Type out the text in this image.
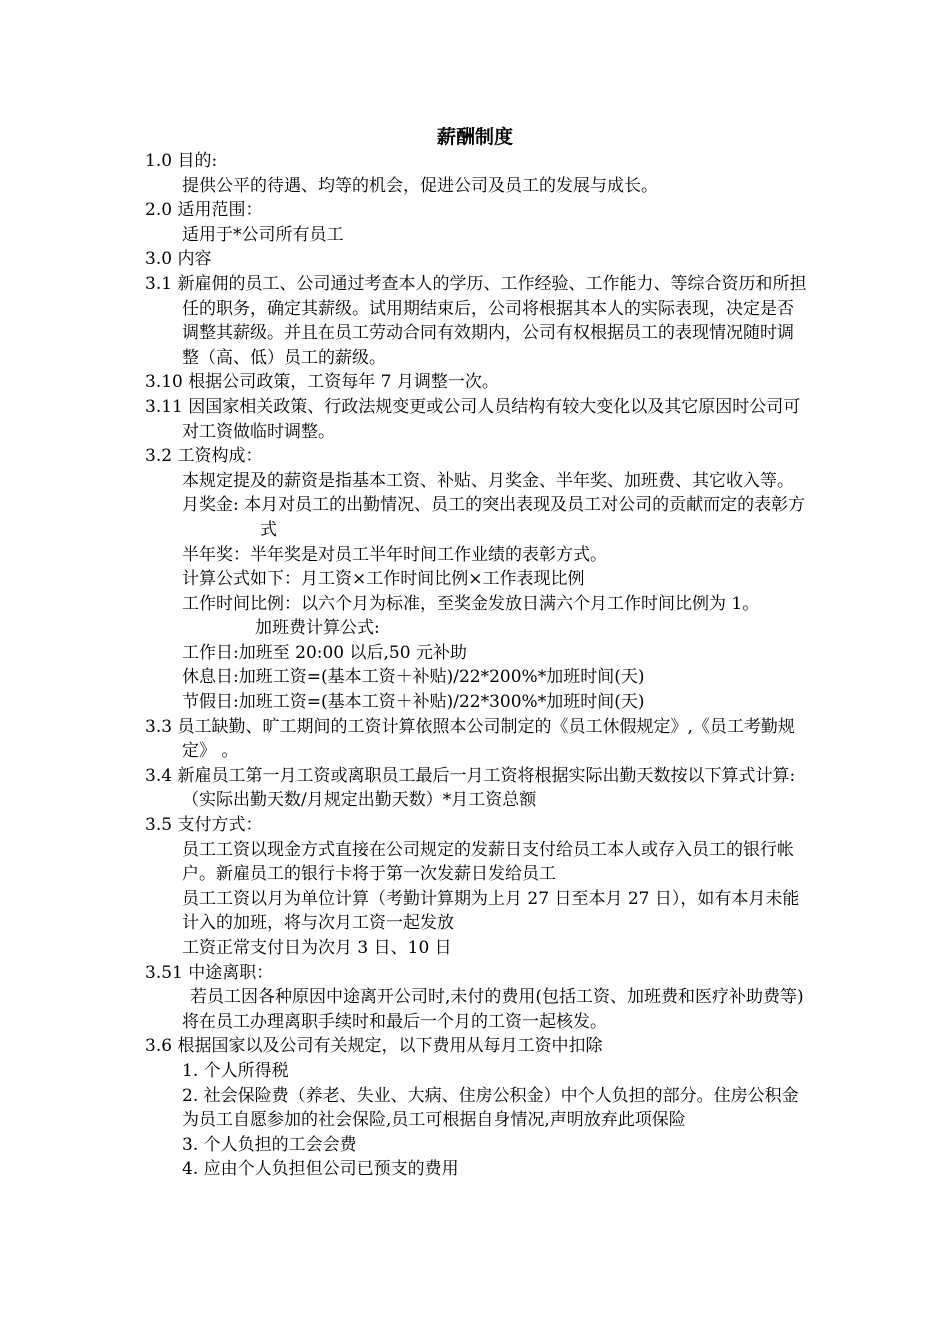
薪酬制度

1.0 目的:

提供公平的待遇、均等的机会，促进公司及员工的发展与成长。

2.0 适用范围：

适用于*公司所有员工

3.0 内容

3.1 新雇佣的员工、公司通过考查本人的学历、工作经验、工作能力、等综合资历和所担任的职务，确定其薪级。试用期结束后，公司将根据其本人的实际表现，决定是否调整其薪级。并且在员工劳动合同有效期内，公司有权根据员工的表现情况随时调整（高、低）员工的薪级。

3.10 根据公司政策，工资每年 7 月调整一次。

3.11 因国家相关政策、行政法规变更或公司人员结构有较大变化以及其它原因时公司可对工资做临时调整。

3.2 工资构成：

本规定提及的薪资是指基本工资、补贴、月奖金、半年奖、加班费、其它收入等。

月奖金: 本月对员工的出勤情况、员工的突出表现及员工对公司的贡献而定的表彰方式

半年奖：半年奖是对员工半年时间工作业绩的表彰方式。

计算公式如下：月工资×工作时间比例×工作表现比例

工作时间比例：以六个月为标准，至奖金发放日满六个月工作时间比例为 1。

加班费计算公式:

工作日:加班至 20:00 以后,50 元补助

休息日:加班工资=(基本工资＋补贴)/22*200%*加班时间(天)

节假日:加班工资=(基本工资＋补贴)/22*300%*加班时间(天)

3.3 员工缺勤、旷工期间的工资计算依照本公司制定的《员工休假规定》,《员工考勤规定》 。

3.4 新雇员工第一月工资或离职员工最后一月工资将根据实际出勤天数按以下算式计算:（实际出勤天数/月规定出勤天数）*月工资总额

3.5 支付方式：

员工工资以现金方式直接在公司规定的发薪日支付给员工本人或存入员工的银行帐户。新雇员工的银行卡将于第一次发薪日发给员工

员工工资以月为单位计算（考勤计算期为上月 27 日至本月 27 日），如有本月未能计入的加班，将与次月工资一起发放

工资正常支付日为次月 3 日、10 日

3.51 中途离职：

若员工因各种原因中途离开公司时,未付的费用(包括工资、加班费和医疗补助费等)将在员工办理离职手续时和最后一个月的工资一起核发。

3.6 根据国家以及公司有关规定，以下费用从每月工资中扣除

1. 个人所得税

2. 社会保险费（养老、失业、大病、住房公积金）中个人负担的部分。住房公积金为员工自愿参加的社会保险,员工可根据自身情况,声明放弃此项保险

3. 个人负担的工会会费

4. 应由个人负担但公司已预支的费用
